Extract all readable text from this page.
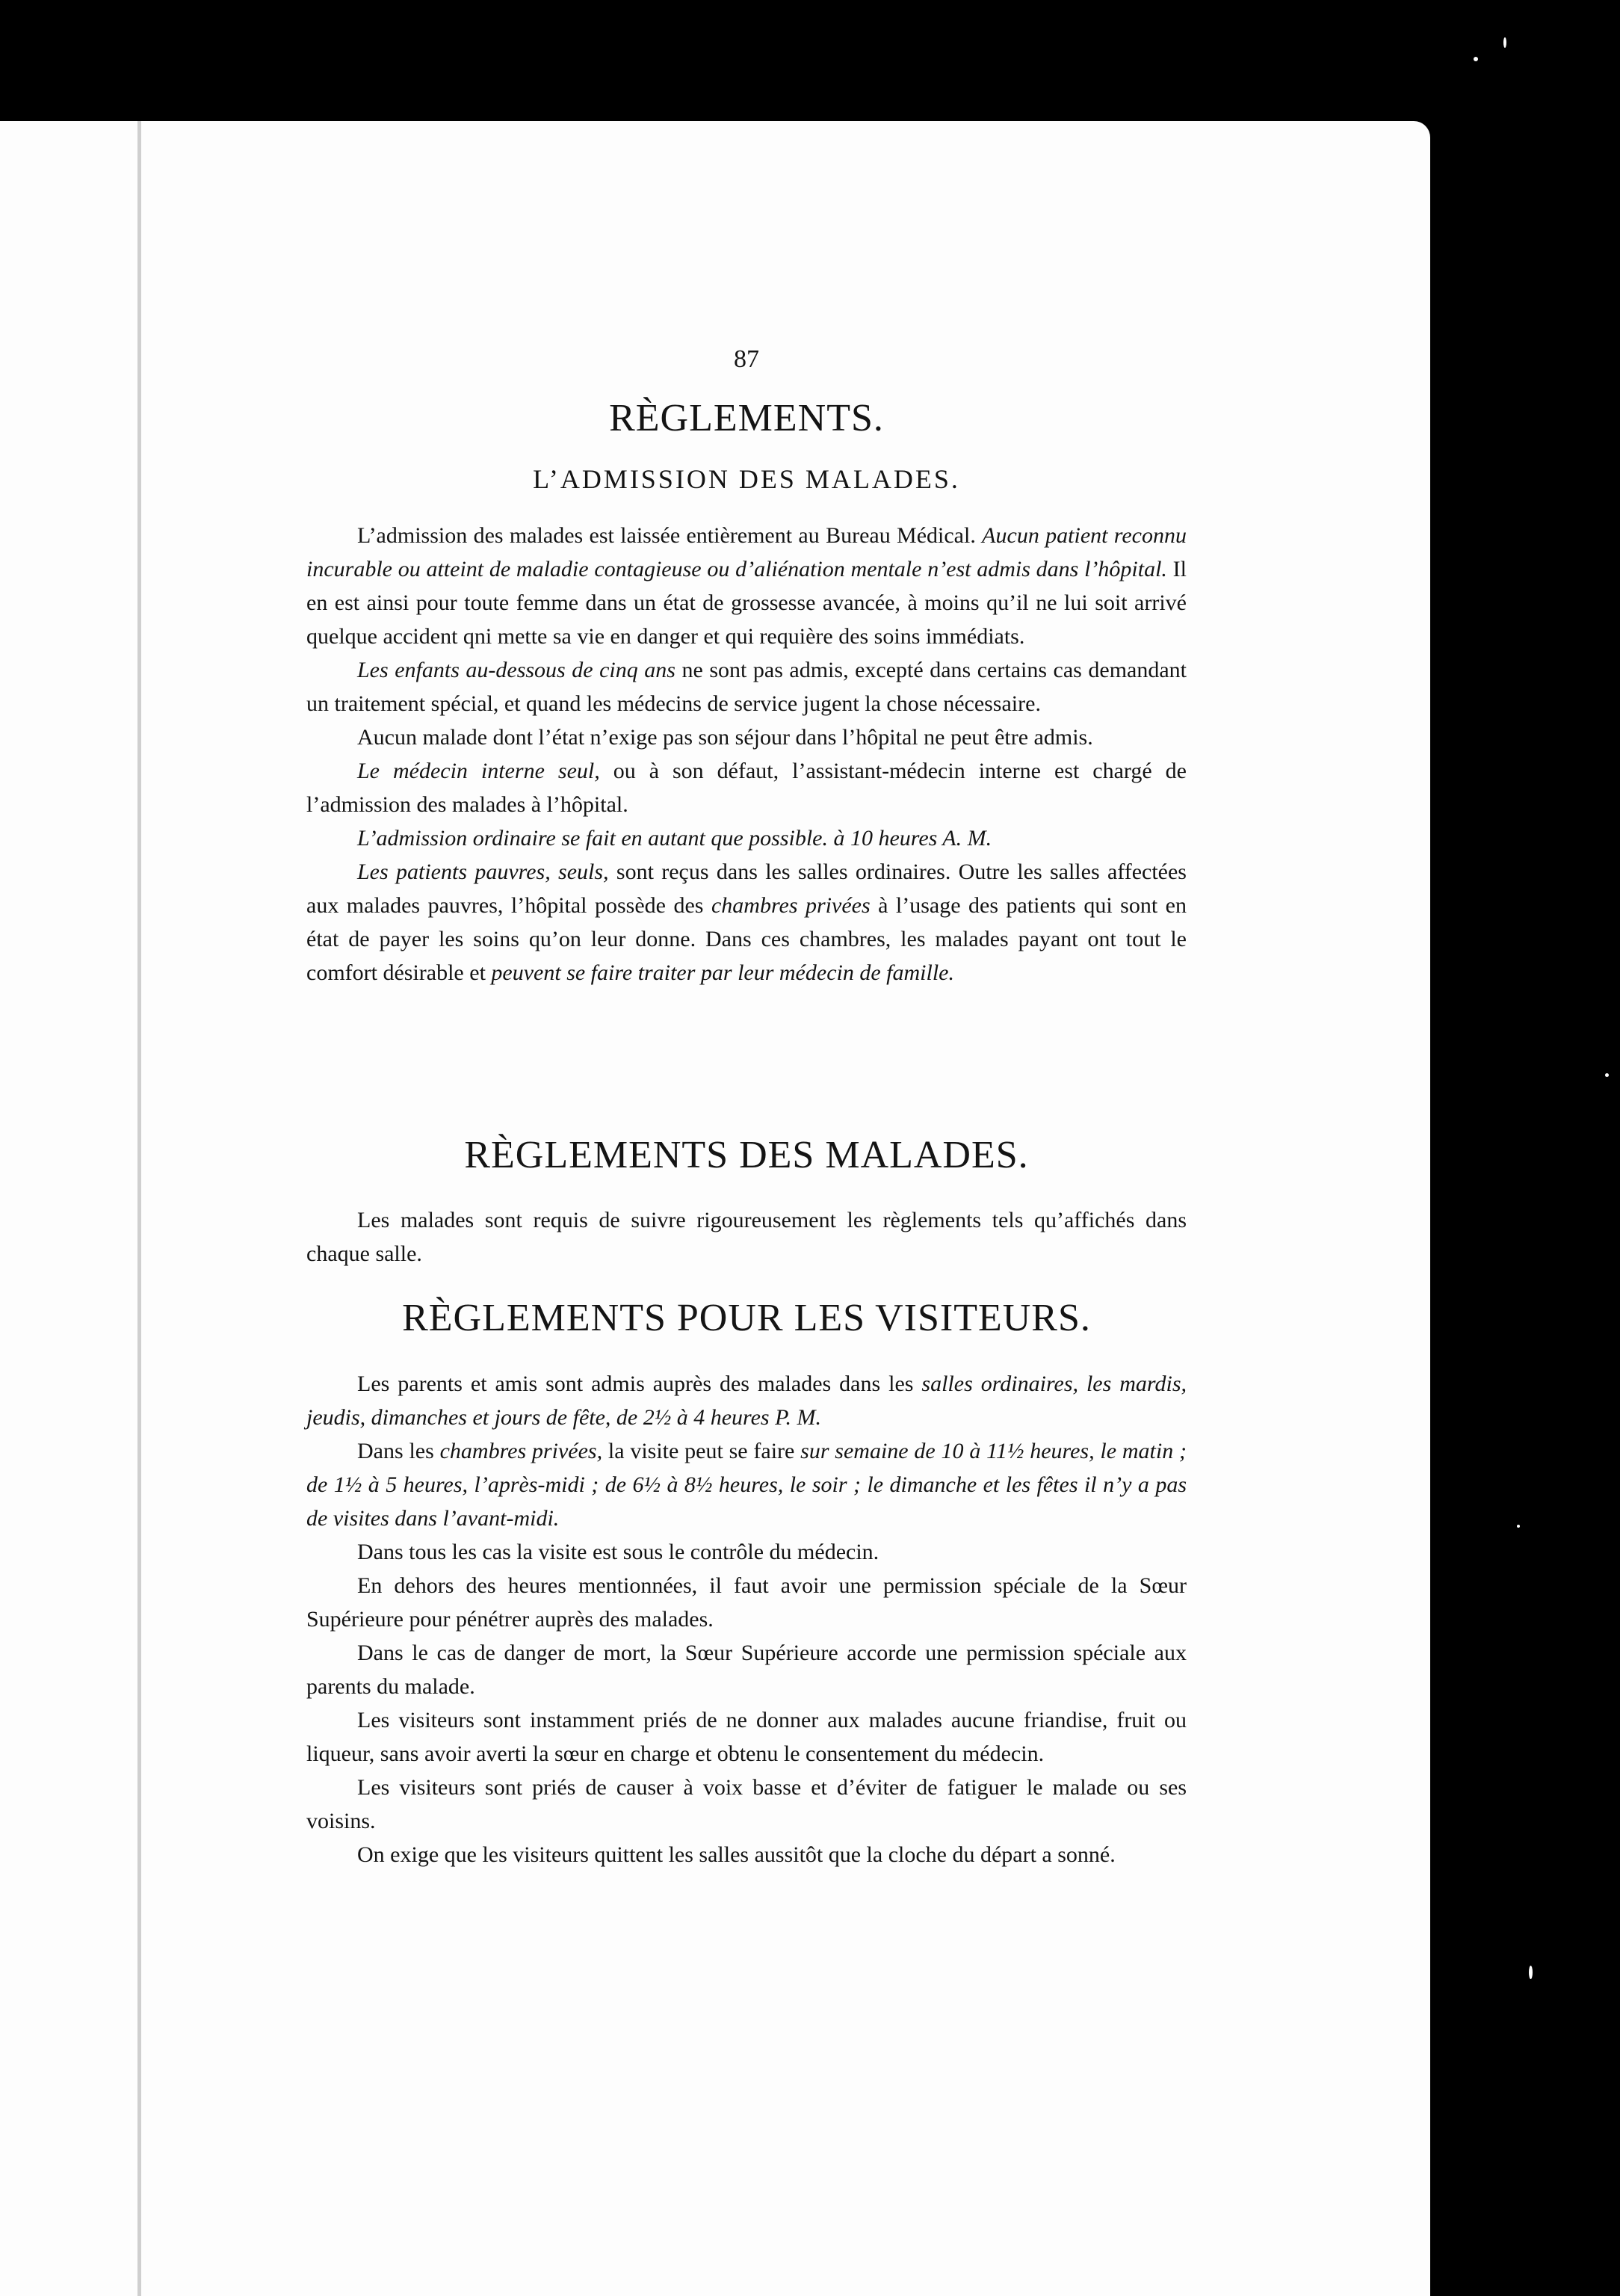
87
RÈGLEMENTS.
L’ADMISSION DES MALADES.

L’admission des malades est laissée entièrement au Bureau Médical. Aucun patient reconnu incurable ou atteint de maladie contagieuse ou d’aliénation mentale n’est admis dans l’hôpital. Il en est ainsi pour toute femme dans un état de grossesse avancée, à moins qu’il ne lui soit arrivé quelque accident qni mette sa vie en danger et qui requière des soins immédiats.

Les enfants au-dessous de cinq ans ne sont pas admis, excepté dans certains cas demandant un traitement spécial, et quand les médecins de service jugent la chose nécessaire.

Aucun malade dont l’état n’exige pas son séjour dans l’hôpital ne peut être admis.

Le médecin interne seul, ou à son défaut, l’assistant-médecin interne est chargé de l’admission des malades à l’hôpital.

L’admission ordinaire se fait en autant que possible. à 10 heures A. M.

Les patients pauvres, seuls, sont reçus dans les salles ordinaires. Outre les salles affectées aux malades pauvres, l’hôpital possède des chambres privées à l’usage des patients qui sont en état de payer les soins qu’on leur donne. Dans ces chambres, les malades payant ont tout le comfort désirable et peuvent se faire traiter par leur médecin de famille.

RÈGLEMENTS DES MALADES.

Les malades sont requis de suivre rigoureusement les règlements tels qu’affichés dans chaque salle.

RÈGLEMENTS POUR LES VISITEURS.

Les parents et amis sont admis auprès des malades dans les salles ordinaires, les mardis, jeudis, dimanches et jours de fête, de 2½ à 4 heures P. M.

Dans les chambres privées, la visite peut se faire sur semaine de 10 à 11½ heures, le matin ; de 1½ à 5 heures, l’après-midi ; de 6½ à 8½ heures, le soir ; le dimanche et les fêtes il n’y a pas de visites dans l’avant-midi.

Dans tous les cas la visite est sous le contrôle du médecin.

En dehors des heures mentionnées, il faut avoir une permission spéciale de la Sœur Supérieure pour pénétrer auprès des malades.

Dans le cas de danger de mort, la Sœur Supérieure accorde une permission spéciale aux parents du malade.

Les visiteurs sont instamment priés de ne donner aux malades aucune friandise, fruit ou liqueur, sans avoir averti la sœur en charge et obtenu le consentement du médecin.

Les visiteurs sont priés de causer à voix basse et d’éviter de fatiguer le malade ou ses voisins.

On exige que les visiteurs quittent les salles aussitôt que la cloche du départ a sonné.
